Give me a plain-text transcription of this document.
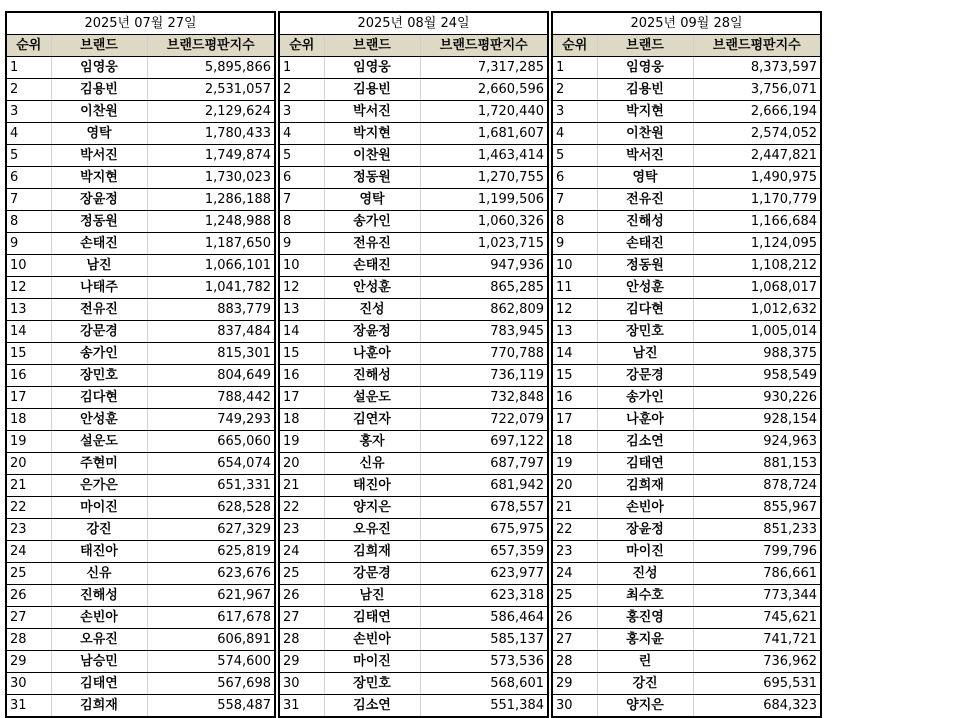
2025년 07월 27일		
순위	브랜드	브랜드평판지수
1	임영웅	5,895,866
2	김용빈	2,531,057
3	이찬원	2,129,624
4	영탁	1,780,433
5	박서진	1,749,874
6	박지현	1,730,023
7	장윤정	1,286,188
8	정동원	1,248,988
9	손태진	1,187,650
10	남진	1,066,101
12	나태주	1,041,782
13	전유진	883,779
14	강문경	837,484
15	송가인	815,301
16	장민호	804,649
17	김다현	788,442
18	안성훈	749,293
19	설운도	665,060
20	주현미	654,074
21	은가은	651,331
22	마이진	628,528
23	강진	627,329
24	태진아	625,819
25	신유	623,676
26	진해성	621,967
27	손빈아	617,678
28	오유진	606,891
29	남승민	574,600
30	김태연	567,698
31	김희재	558,487
2025년 08월 24일		
순위	브랜드	브랜드평판지수
1	임영웅	7,317,285
2	김용빈	2,660,596
3	박서진	1,720,440
4	박지현	1,681,607
5	이찬원	1,463,414
6	정동원	1,270,755
7	영탁	1,199,506
8	송가인	1,060,326
9	전유진	1,023,715
10	손태진	947,936
12	안성훈	865,285
13	진성	862,809
14	장윤정	783,945
15	나훈아	770,788
16	진해성	736,119
17	설운도	732,848
18	김연자	722,079
19	홍자	697,122
20	신유	687,797
21	태진아	681,942
22	양지은	678,557
23	오유진	675,975
24	김희재	657,359
25	강문경	623,977
26	남진	623,318
27	김태연	586,464
28	손빈아	585,137
29	마이진	573,536
30	장민호	568,601
31	김소연	551,384
2025년 09월 28일		
순위	브랜드	브랜드평판지수
1	임영웅	8,373,597
2	김용빈	3,756,071
3	박지현	2,666,194
4	이찬원	2,574,052
5	박서진	2,447,821
6	영탁	1,490,975
7	전유진	1,170,779
8	진해성	1,166,684
9	손태진	1,124,095
10	정동원	1,108,212
11	안성훈	1,068,017
12	김다현	1,012,632
13	장민호	1,005,014
14	남진	988,375
15	강문경	958,549
16	송가인	930,226
17	나훈아	928,154
18	김소연	924,963
19	김태연	881,153
20	김희재	878,724
21	손빈아	855,967
22	장윤정	851,233
23	마이진	799,796
24	진성	786,661
25	최수호	773,344
26	홍진영	745,621
27	홍지윤	741,721
28	린	736,962
29	강진	695,531
30	양지은	684,323
